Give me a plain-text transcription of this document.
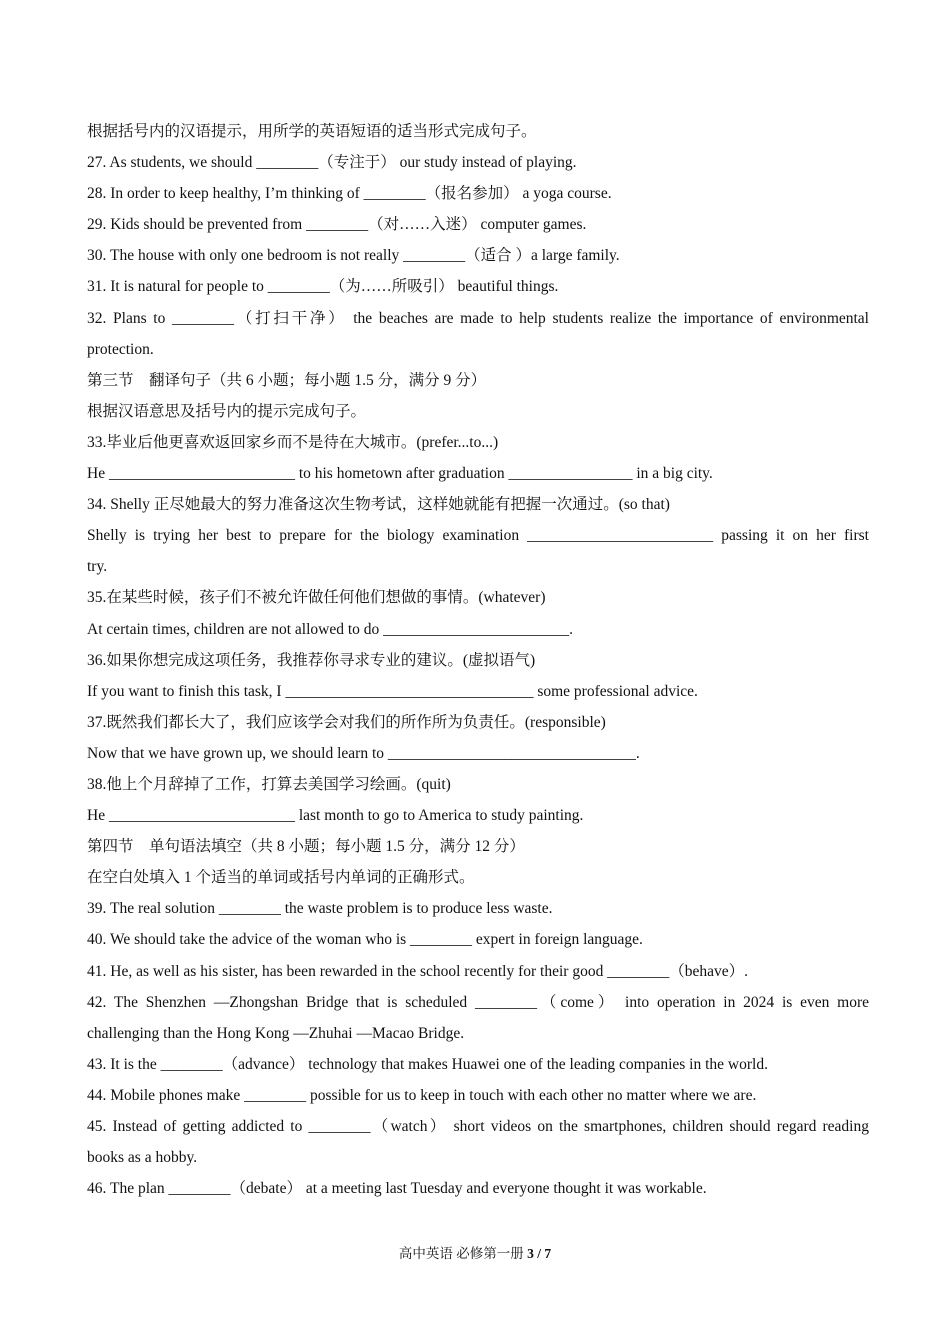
根据括号内的汉语提示，用所学的英语短语的适当形式完成句子。
27. As students, we should ________（专注于） our study instead of playing.
28. In order to keep healthy, I’m thinking of ________（报名参加） a yoga course.
29. Kids should be prevented from ________（对……入迷） computer games.
30. The house with only one bedroom is not really ________（适合 ）a large family.
31. It is natural for people to ________（为……所吸引） beautiful things.
32. Plans to ________（打扫干净） the beaches are made to help students realize the importance of environmental
protection.
第三节　翻译句子（共 6 小题；每小题 1.5 分，满分 9 分）
根据汉语意思及括号内的提示完成句子。
33.毕业后他更喜欢返回家乡而不是待在大城市。(prefer...to...)
He ________________________ to his hometown after graduation ________________ in a big city.
34. Shelly 正尽她最大的努力准备这次生物考试，这样她就能有把握一次通过。(so that)
Shelly is trying her best to prepare for the biology examination ________________________ passing it on her first
try.
35.在某些时候，孩子们不被允许做任何他们想做的事情。(whatever)
At certain times, children are not allowed to do ________________________.
36.如果你想完成这项任务，我推荐你寻求专业的建议。(虚拟语气)
If you want to finish this task, I ________________________________ some professional advice.
37.既然我们都长大了，我们应该学会对我们的所作所为负责任。(responsible)
Now that we have grown up, we should learn to ________________________________.
38.他上个月辞掉了工作，打算去美国学习绘画。(quit)
He ________________________ last month to go to America to study painting.
第四节　单句语法填空（共 8 小题；每小题 1.5 分，满分 12 分）
在空白处填入 1 个适当的单词或括号内单词的正确形式。
39. The real solution ________ the waste problem is to produce less waste.
40. We should take the advice of the woman who is ________ expert in foreign language.
41. He, as well as his sister, has been rewarded in the school recently for their good ________（behave）.
42. The Shenzhen —Zhongshan Bridge that is scheduled ________（come） into operation in 2024 is even more
challenging than the Hong Kong —Zhuhai —Macao Bridge.
43. It is the ________（advance） technology that makes Huawei one of the leading companies in the world.
44. Mobile phones make ________ possible for us to keep in touch with each other no matter where we are.
45. Instead of getting addicted to ________（watch） short videos on the smartphones, children should regard reading
books as a hobby.
46. The plan ________（debate） at a meeting last Tuesday and everyone thought it was workable.
高中英语 必修第一册 3 / 7
